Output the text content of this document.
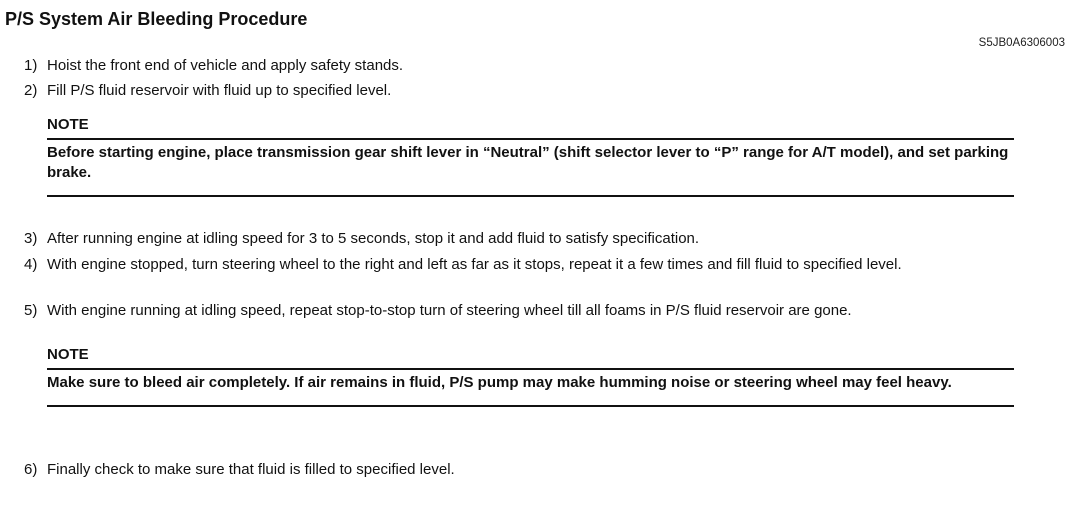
P/S System Air Bleeding Procedure
S5JB0A6306003
1) Hoist the front end of vehicle and apply safety stands.
2) Fill P/S fluid reservoir with fluid up to specified level.
NOTE
Before starting engine, place transmission gear shift lever in “Neutral” (shift selector lever to “P” range for A/T model), and set parking brake.
3) After running engine at idling speed for 3 to 5 seconds, stop it and add fluid to satisfy specification.
4) With engine stopped, turn steering wheel to the right and left as far as it stops, repeat it a few times and fill fluid to specified level.
5) With engine running at idling speed, repeat stop-to-stop turn of steering wheel till all foams in P/S fluid reservoir are gone.
NOTE
Make sure to bleed air completely. If air remains in fluid, P/S pump may make humming noise or steering wheel may feel heavy.
6) Finally check to make sure that fluid is filled to specified level.
